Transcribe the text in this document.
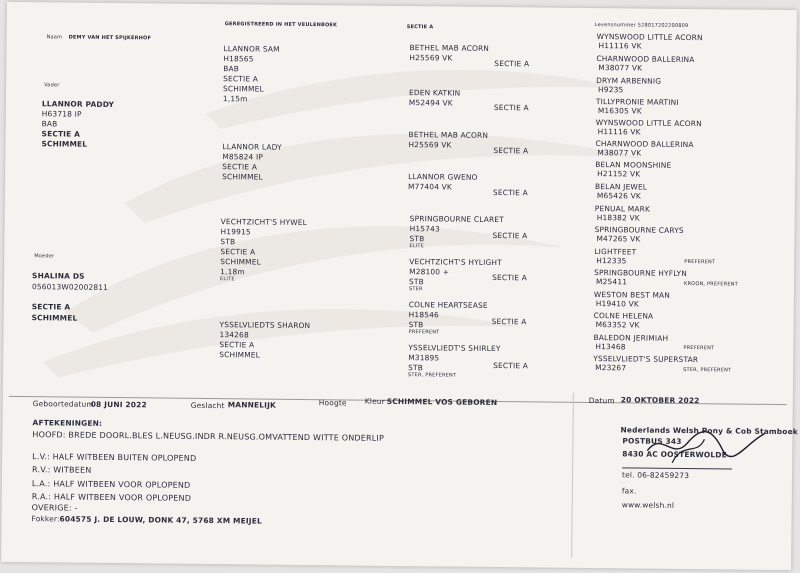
Naam DEMY VAN HET SPIJKERHOF
GEREGISTREERD IN HET VEULENBOEK	SECTIE A	Levensnummer 528017202200809
Vader
LLANNOR PADDY
H63718 IP
BAB
SECTIE A
SCHIMMEL
Moeder
SHALINA DS
056013W02002811
SECTIE A
SCHIMMEL
LLANNOR SAM
H18565
BAB
SECTIE A
SCHIMMEL
1,15m
LLANNOR LADY
M85824 IP
SECTIE A
SCHIMMEL
VECHTZICHT'S HYWEL
H19915
STB
SECTIE A
SCHIMMEL
1,18m
ELITE
YSSELVLIEDTS SHARON
134268
SECTIE A
SCHIMMEL
BETHEL MAB ACORN
H25569 VK
SECTIE A
EDEN KATKIN
M52494 VK
SECTIE A
BETHEL MAB ACORN
H25569 VK
SECTIE A
LLANNOR GWENO
M77404 VK
SECTIE A
SPRINGBOURNE CLARET
H15743
STB
ELITE
SECTIE A
VECHTZICHT'S HYLIGHT
M28100 +
STB
STER
SECTIE A
COLNE HEARTSEASE
H18546
STB
PREFERENT
SECTIE A
YSSELVLIEDT'S SHIRLEY
M31895
STB
STER, PREFERENT
SECTIE A
WYNSWOOD LITTLE ACORN
H11116 VK
CHARNWOOD BALLERINA
M38077 VK
DRYM ARBENNIG
H9235
TILLYPRONIE MARTINI
M16305 VK
WYNSWOOD LITTLE ACORN
H11116 VK
CHARNWOOD BALLERINA
M38077 VK
BELAN MOONSHINE
H21152 VK
BELAN JEWEL
M65426 VK
PENUAL MARK
H18382 VK
SPRINGBOURNE CARYS
M47265 VK
LIGHTFEET
H12335	PREFERENT
SPRINGBOURNE HYFLYN
M25411	KROON, PREFERENT
WESTON BEST MAN
H19410 VK
COLNE HELENA
M63352 VK
BALEDON JERIMIAH
H13468	PREFERENT
YSSELVLIEDT'S SUPERSTAR
M23267	STER, PREFERENT
Geboortedatum
08 JUNI 2022	Geslacht MANNELIJK	Hoogte Kleur SCHIMMEL VOS GEBOREN	Datum 20 OKTOBER 2022
AFTEKENINGEN:
HOOFD: BREDE DOORL.BLES L.NEUSG.INDR R.NEUSG.OMVATTEND WITTE ONDERLIP
L.V.: HALF WITBEEN BUITEN OPLOPEND
R.V.: WITBEEN
L.A.: HALF WITBEEN VOOR OPLOPEND
R.A.: HALF WITBEEN VOOR OPLOPEND
OVERIGE: -
Fokker: 604575 J. DE LOUW, DONK 47, 5768 XM MEIJEL
Nederlands Welsh Pony & Cob Stamboek
POSTBUS 343
8430 AC OOSTERWOLDE
tel. 06-82459273
fax.
www.welsh.nl
